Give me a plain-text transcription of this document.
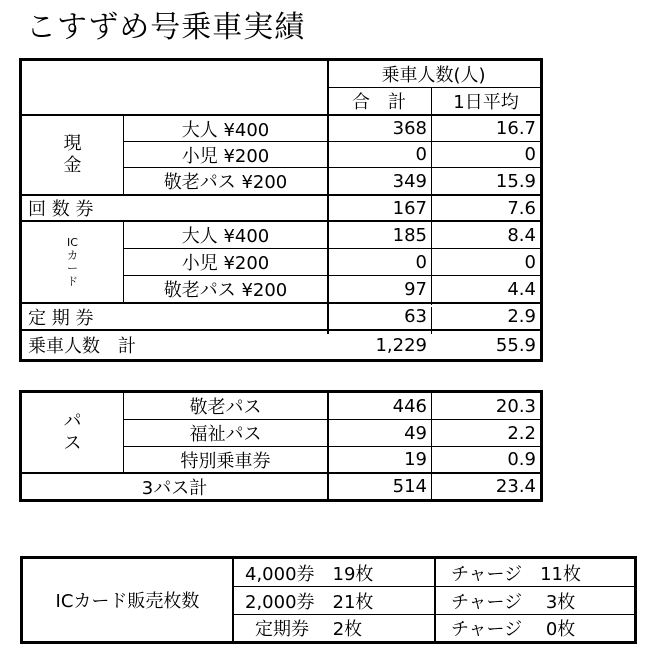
こすずめ号乗車実績
乗車人数(人)
合　計	1日平均
現金
大人 ¥400	368	16.7
小児 ¥200	0	0
敬老パス ¥200	349	15.9
回 数 券	167	7.6
ICカード
大人 ¥400	185	8.4
小児 ¥200	0	0
敬老パス ¥200	97	4.4
定 期 券	63	2.9
乗車人数　計	1,229	55.9
パス
敬老パス	446	20.3
福祉パス	49	2.2
特別乗車券	19	0.9
3パス計	514	23.4
ICカード販売枚数
4,000券　19枚	チャージ　11枚
2,000券　21枚	チャージ　 3枚
定期券　 2枚	チャージ　 0枚
